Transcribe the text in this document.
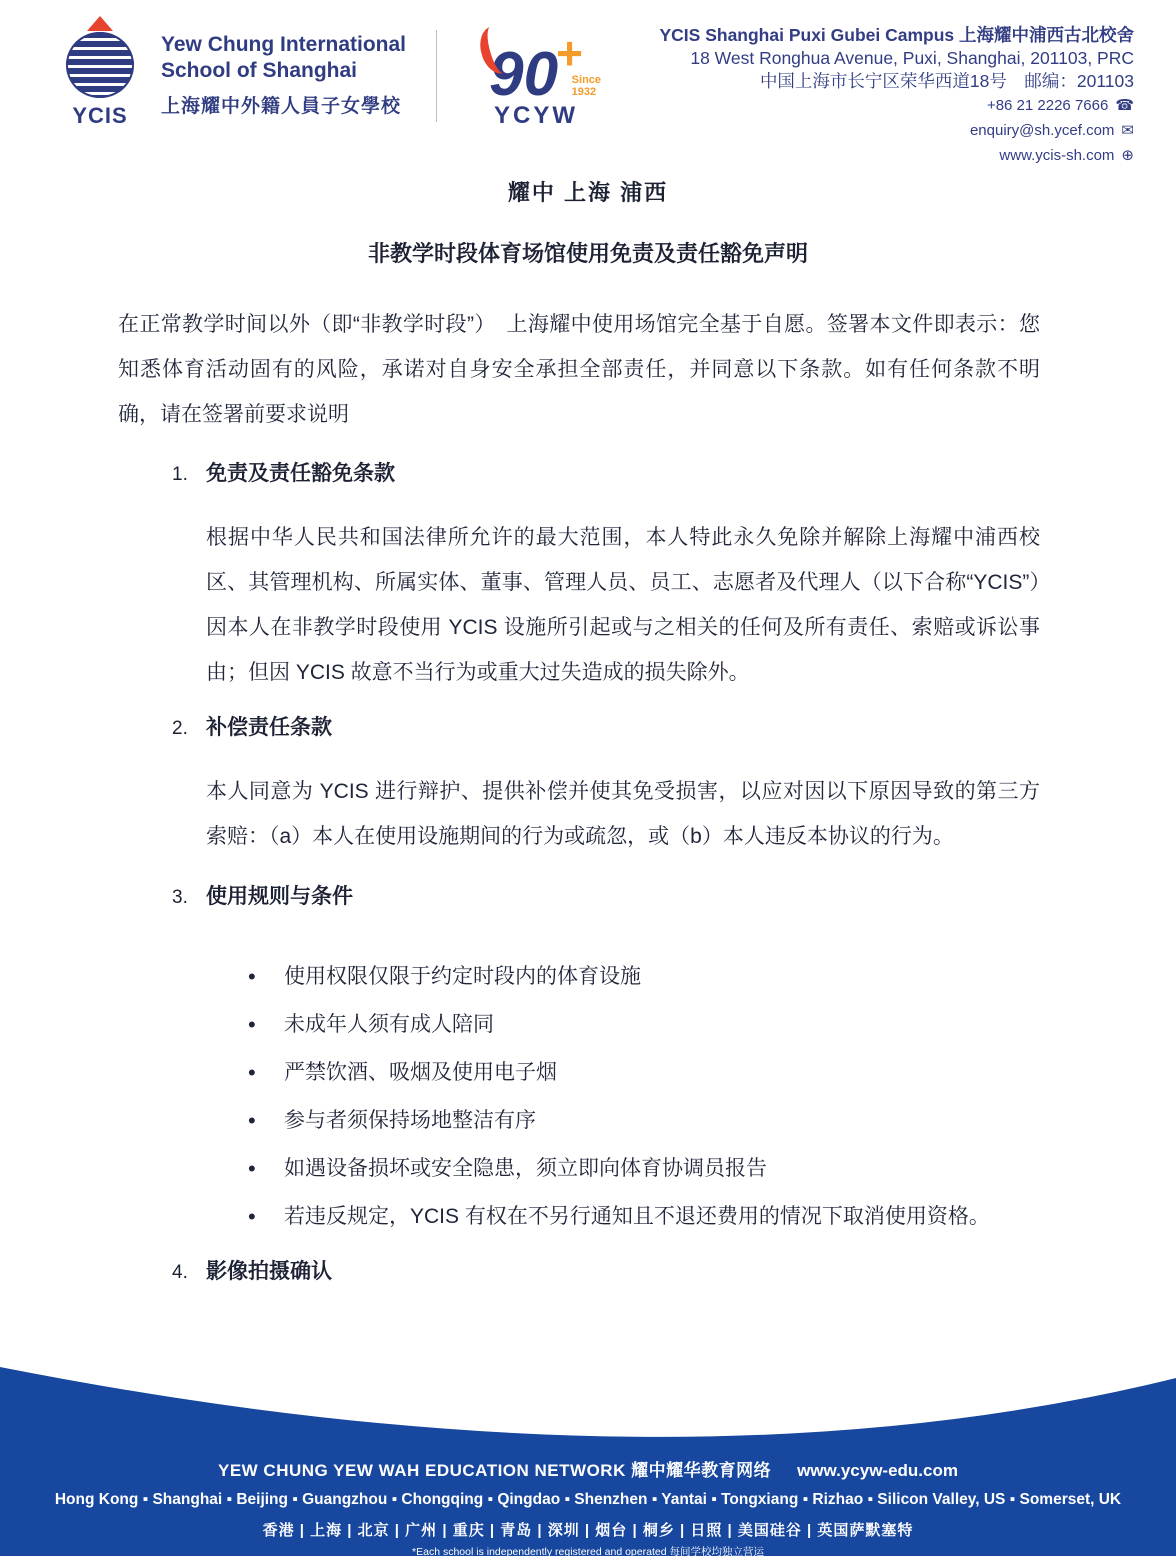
YCIS
Yew Chung International
School of Shanghai
上海耀中外籍人員子女學校	90+
Since
1932
YCYW
YCIS Shanghai Puxi Gubei Campus 上海耀中浦西古北校舍
18 West Ronghua Avenue, Puxi, Shanghai, 201103, PRC
中国上海市长宁区荣华西道18号　邮编：201103
+86 21 2226 7666 ☎
enquiry@sh.ycef.com ✉
www.ycis-sh.com ⊕
耀中 上海 浦西
非教学时段体育场馆使用免责及责任豁免声明

在正常教学时间以外（即“非教学时段”）　上海耀中使用场馆完全基于自愿。签署本文件即表示：您知悉体育活动固有的风险，承诺对自身安全承担全部责任，并同意以下条款。如有任何条款不明确，请在签署前要求说明

1. 免责及责任豁免条款

根据中华人民共和国法律所允许的最大范围，本人特此永久免除并解除上海耀中浦西校区、其管理机构、所属实体、董事、管理人员、员工、志愿者及代理人（以下合称“YCIS”）因本人在非教学时段使用 YCIS 设施所引起或与之相关的任何及所有责任、索赔或诉讼事由；但因 YCIS 故意不当行为或重大过失造成的损失除外。

2. 补偿责任条款

本人同意为 YCIS 进行辩护、提供补偿并使其免受损害，以应对因以下原因导致的第三方索赔：（a）本人在使用设施期间的行为或疏忽，或（b）本人违反本协议的行为。

3. 使用规则与条件
• 使用权限仅限于约定时段内的体育设施
• 未成年人须有成人陪同
• 严禁饮酒、吸烟及使用电子烟
• 参与者须保持场地整洁有序
• 如遇设备损坏或安全隐患，须立即向体育协调员报告
• 若违反规定，YCIS 有权在不另行通知且不退还费用的情况下取消使用资格。
4. 影像拍摄确认
YEW CHUNG YEW WAH EDUCATION NETWORK 耀中耀华教育网络 www.ycyw-edu.com
Hong Kong ▪ Shanghai ▪ Beijing ▪ Guangzhou ▪ Chongqing ▪ Qingdao ▪ Shenzhen ▪ Yantai ▪ Tongxiang ▪ Rizhao ▪ Silicon Valley, US ▪ Somerset, UK
香港 | 上海 | 北京 | 广州 | 重庆 | 青岛 | 深圳 | 烟台 | 桐乡 | 日照 | 美国硅谷 | 英国萨默塞特
*Each school is independently registered and operated 每间学校均独立营运
